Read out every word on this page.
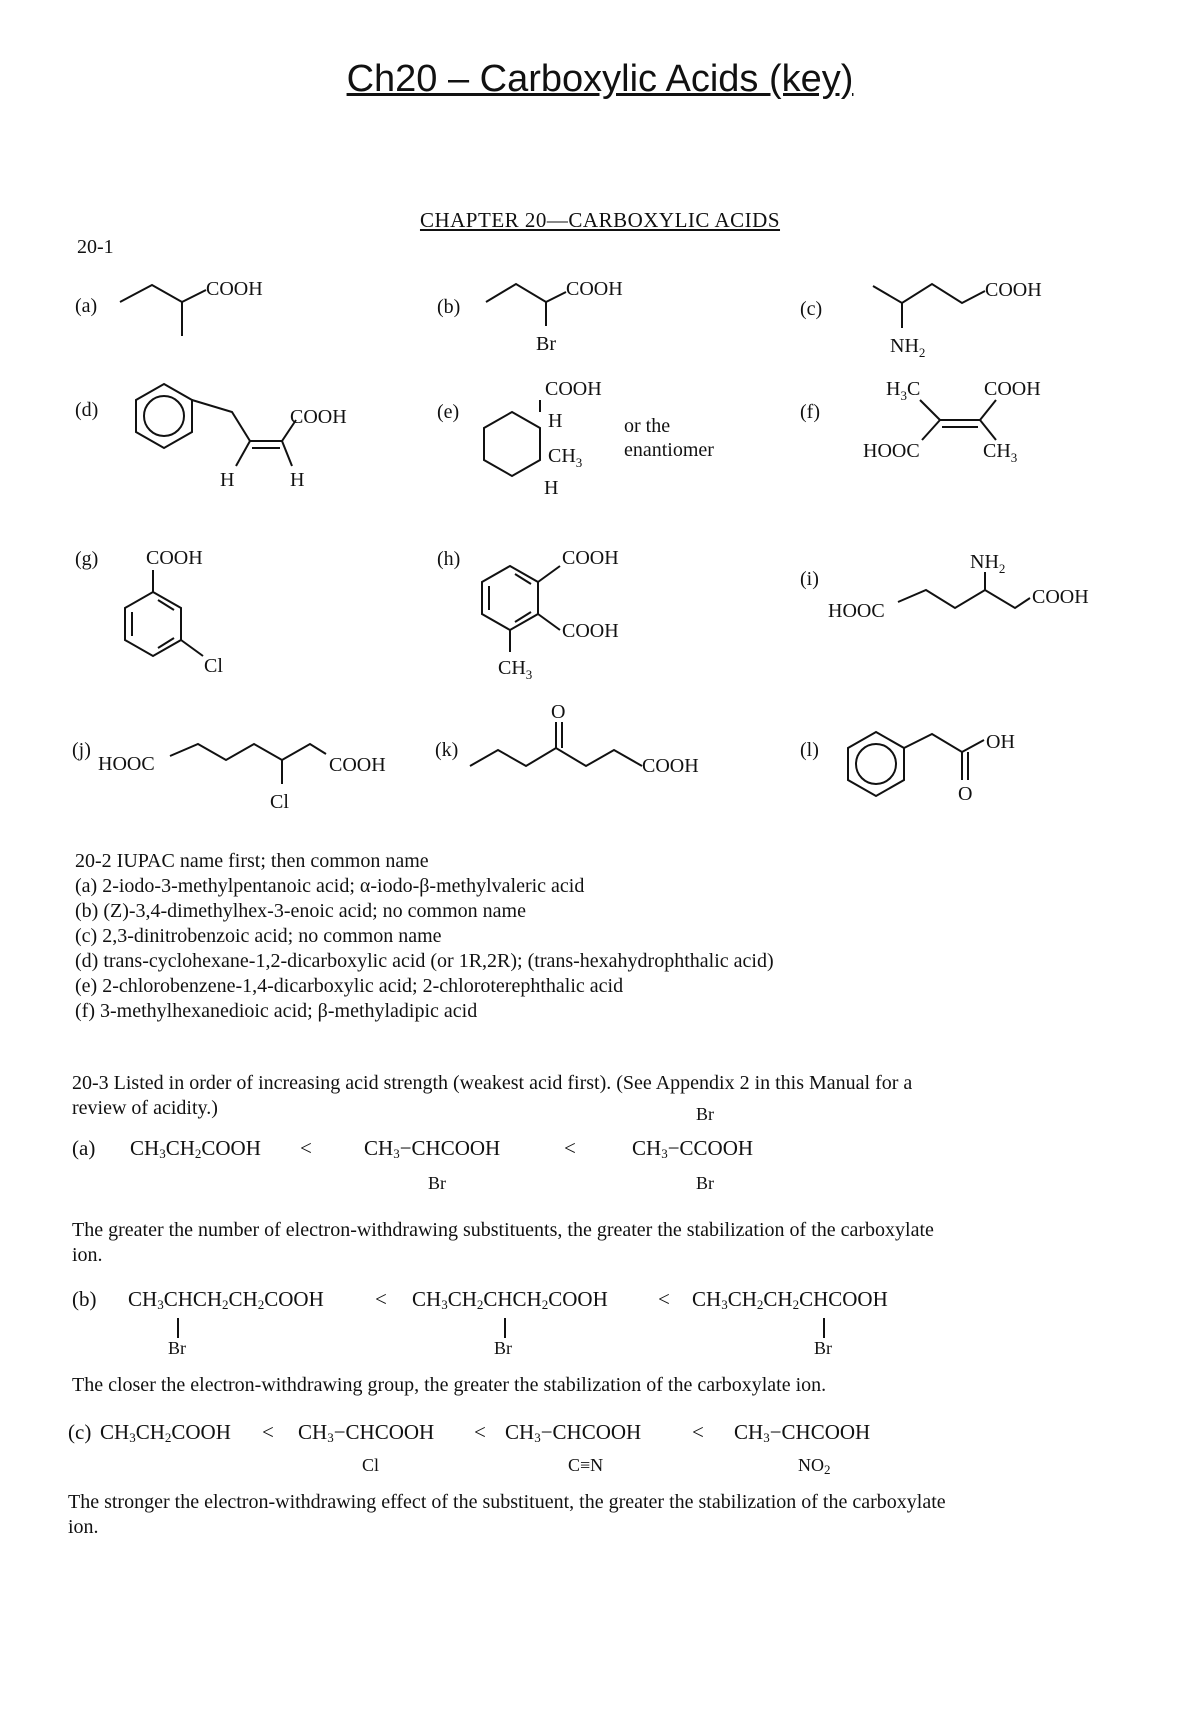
Ch20 – Carboxylic Acids (key)
CHAPTER 20—CARBOXYLIC ACIDS
20-1
(a)
COOH
(b)
COOH
Br
(c)
COOH
$NH_2$
(d)	COOH
H	H
(e)
COOH
H
$CH_3$
H
or the
enantiomer
(f)
$H_3C$	COOH
HOOC	$CH_3$
(g) COOH
Cl
(h)	COOH
COOH
$CH_3$
(i)
HOOC
$NH_2$
COOH
(j)
HOOC	COOH
Cl
(k)
O
COOH
(l)	OH
O
20-2 IUPAC name first; then common name
(a) 2-iodo-3-methylpentanoic acid; α-iodo-β-methylvaleric acid
(b) (Z)-3,4-dimethylhex-3-enoic acid; no common name
(c) 2,3-dinitrobenzoic acid; no common name
(d) trans-cyclohexane-1,2-dicarboxylic acid (or 1R,2R); (trans-hexahydrophthalic acid)
(e) 2-chlorobenzene-1,4-dicarboxylic acid; 2-chloroterephthalic acid
(f) 3-methylhexanedioic acid; β-methyladipic acid
20-3 Listed in order of increasing acid strength (weakest acid first). (See Appendix 2 in this Manual for a
review of acidity.)
(a) $CH_3CH_2COOH$ < $CH_3-CHCOOH$	<	$CH_3-CCOOH$
Br
Br
Br
The greater the number of electron-withdrawing substituents, the greater the stabilization of the carboxylate
ion.
(b) $CH_3CHCH_2CH_2COOH$ < $CH_3CH_2CHCH_2COOH$ < $CH_3CH_2CH_2CHCOOH$
Br	Br	Br
The closer the electron-withdrawing group, the greater the stabilization of the carboxylate ion.
(c) $CH_3CH_2COOH$ < $CH_3-CHCOOH$ < $CH_3-CHCOOH$ < $CH_3-CHCOOH$
Cl	C≡N	$NO_2$
The stronger the electron-withdrawing effect of the substituent, the greater the stabilization of the carboxylate
ion.
